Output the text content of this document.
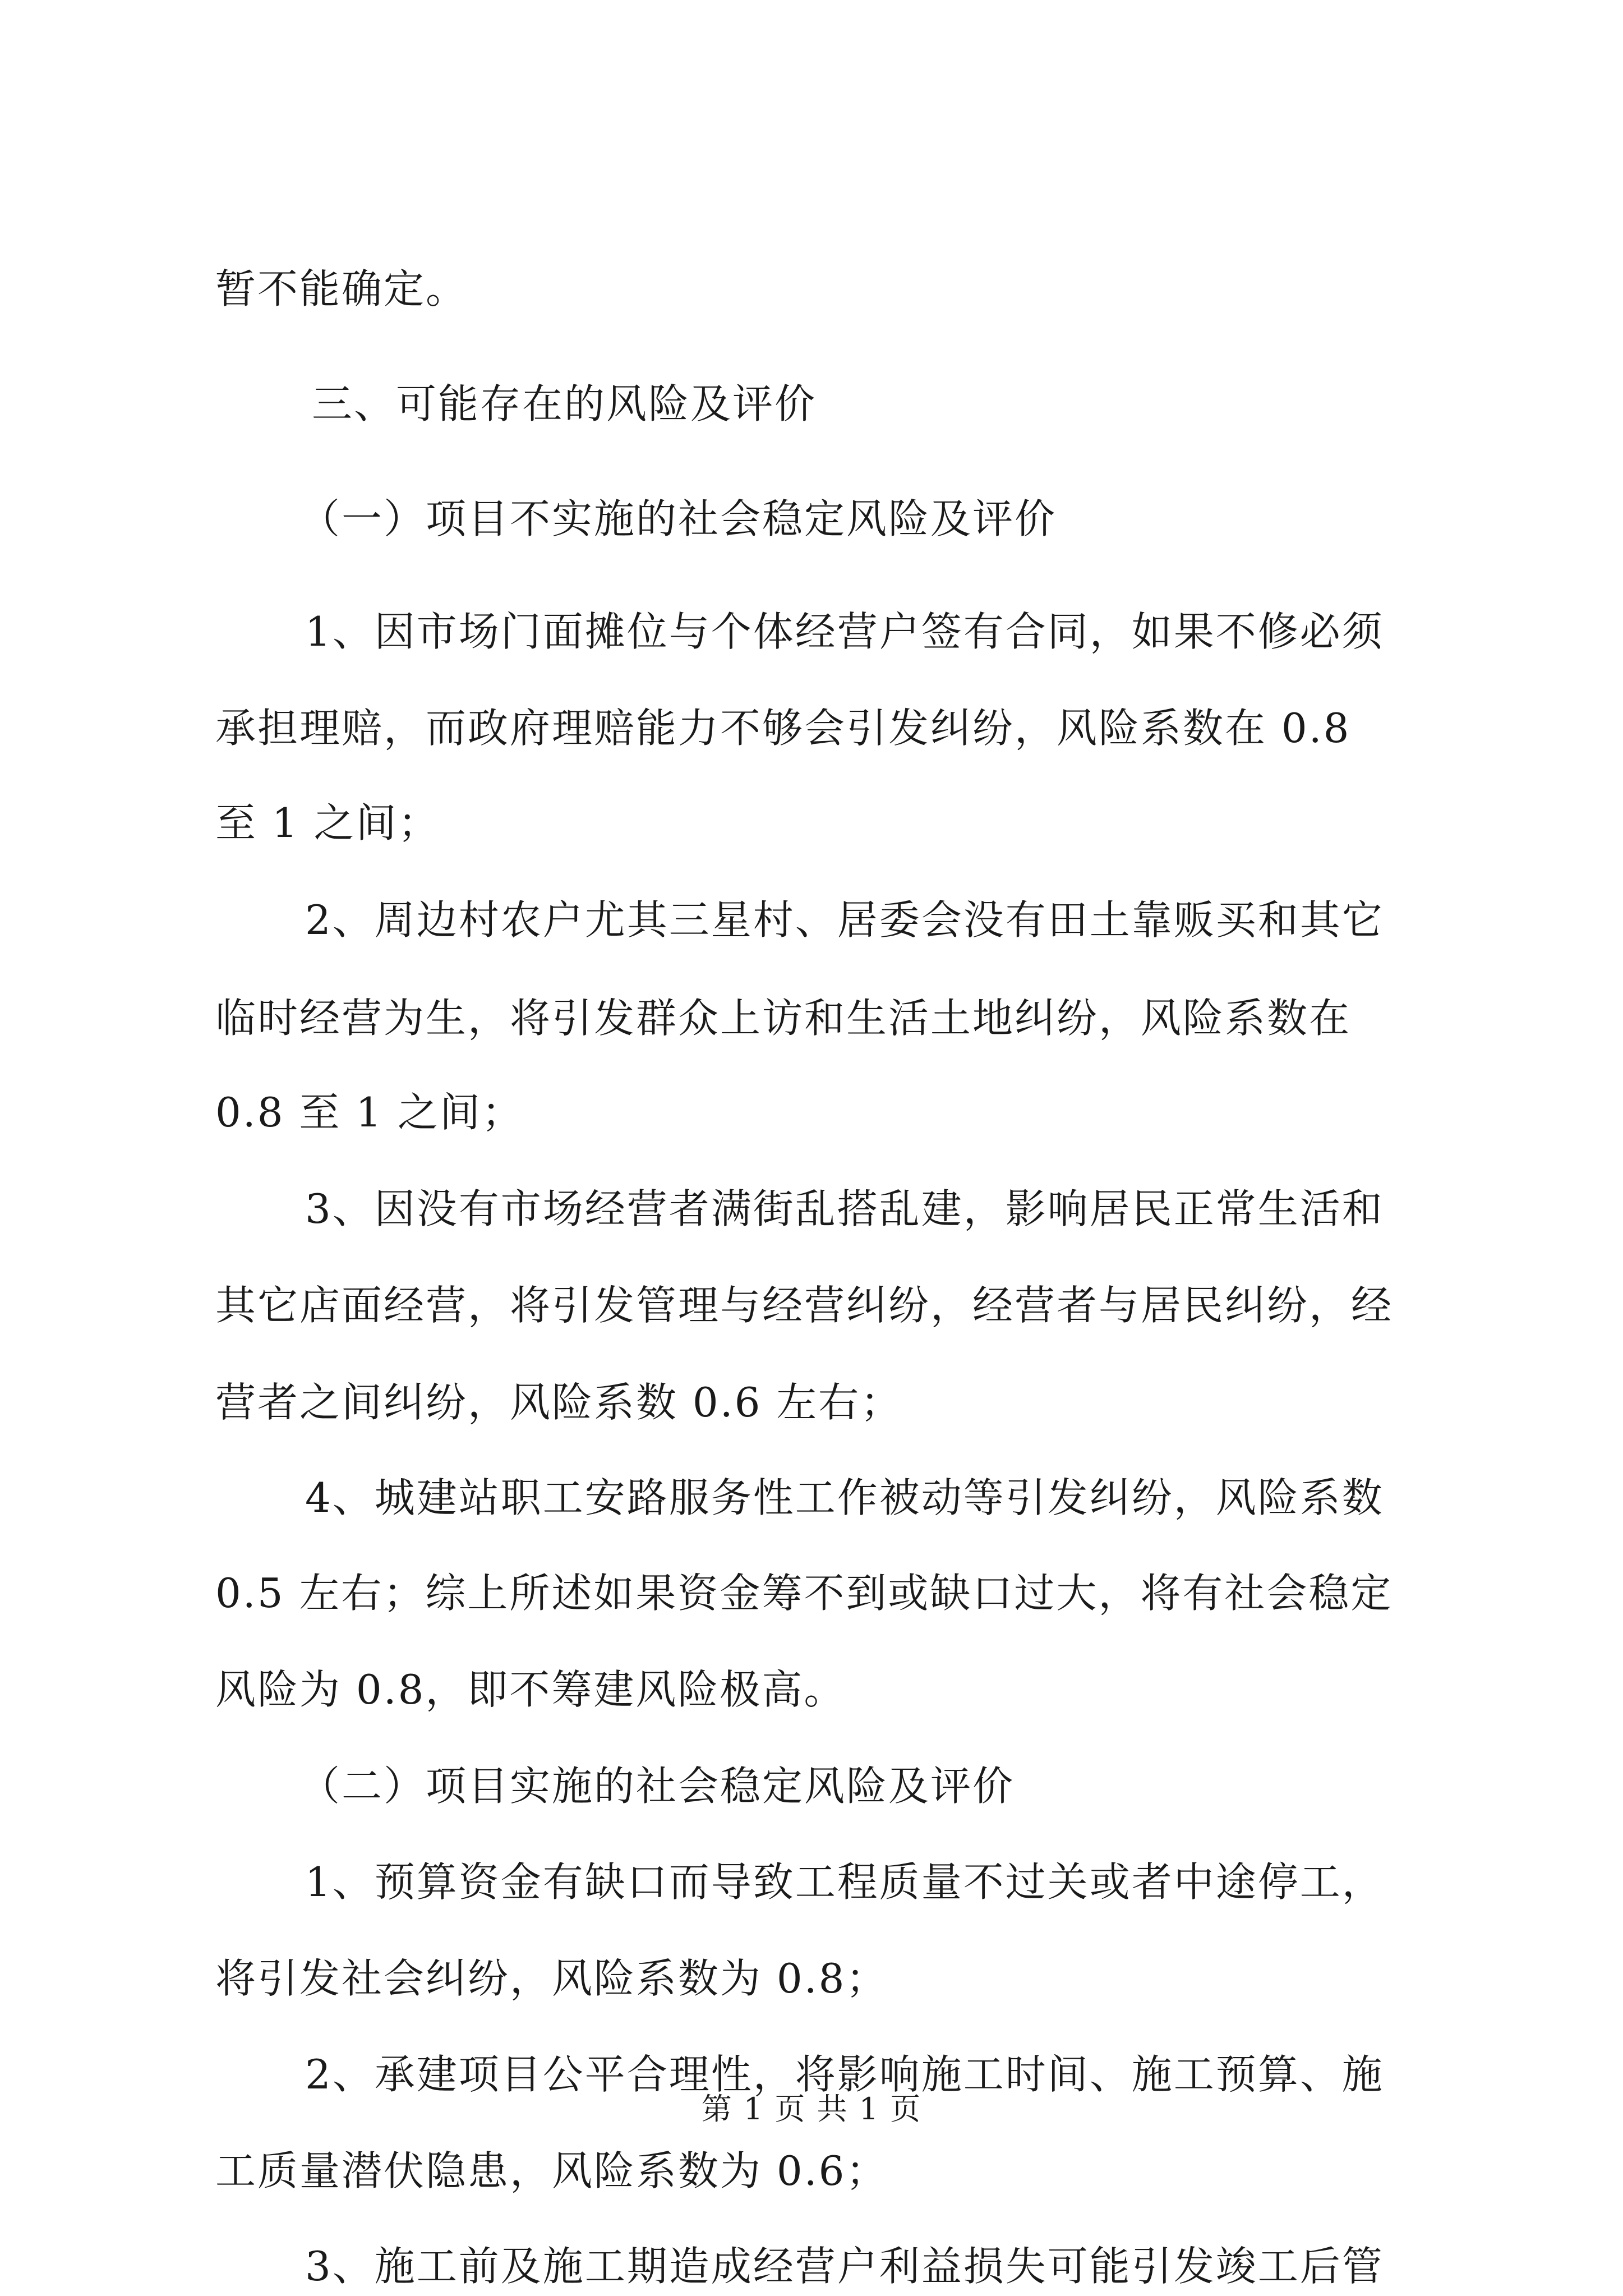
暂不能确定。
三、可能存在的风险及评价
（一）项目不实施的社会稳定风险及评价
1、因市场门面摊位与个体经营户签有合同，如果不修必须
承担理赔，而政府理赔能力不够会引发纠纷，风险系数在 0.8
至 1 之间；
2、周边村农户尤其三星村、居委会没有田土靠贩买和其它
临时经营为生，将引发群众上访和生活土地纠纷，风险系数在
0.8 至 1 之间；
3、因没有市场经营者满街乱搭乱建，影响居民正常生活和
其它店面经营，将引发管理与经营纠纷，经营者与居民纠纷，经
营者之间纠纷，风险系数 0.6 左右；
4、城建站职工安路服务性工作被动等引发纠纷，风险系数
0.5 左右；综上所述如果资金筹不到或缺口过大，将有社会稳定
风险为 0.8，即不筹建风险极高。
（二）项目实施的社会稳定风险及评价
1、预算资金有缺口而导致工程质量不过关或者中途停工，
将引发社会纠纷，风险系数为 0.8；
2、承建项目公平合理性，将影响施工时间、施工预算、施
工质量潜伏隐患，风险系数为 0.6；
3、施工前及施工期造成经营户利益损失可能引发竣工后管
第 1 页 共 1 页
